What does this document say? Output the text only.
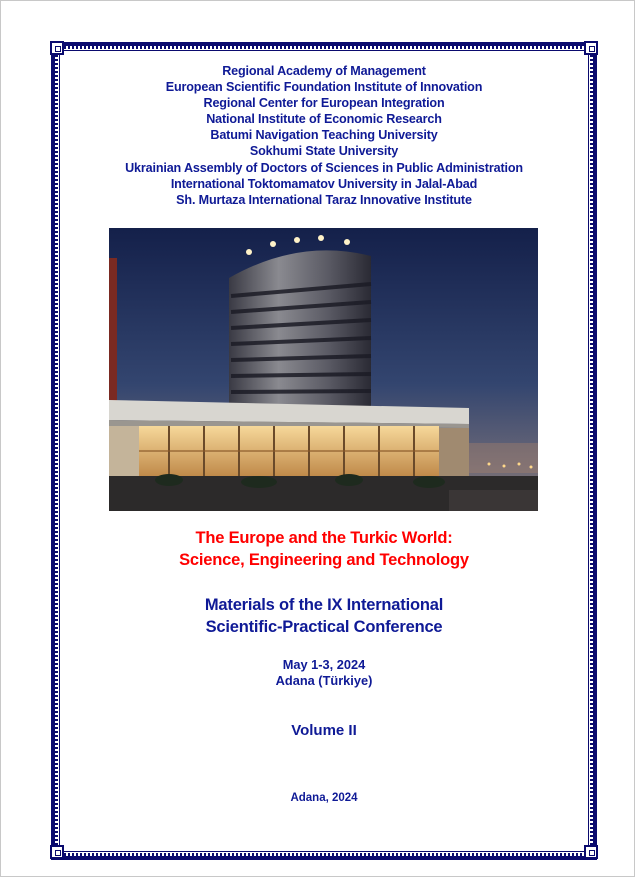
Regional Academy of Management
European Scientific Foundation Institute of Innovation
Regional Center for European Integration
National Institute of Economic Research
Batumi Navigation Teaching University
Sokhumi State University
Ukrainian Assembly of Doctors of Sciences in Public Administration
International Toktomamatov University in Jalal-Abad
Sh. Murtaza International Taraz Innovative Institute
The Europe and the Turkic World:
Science, Engineering and Technology
Materials of the IX International
Scientific-Practical Conference
May 1-3, 2024
Adana (Türkiye)
Volume II
Adana, 2024
